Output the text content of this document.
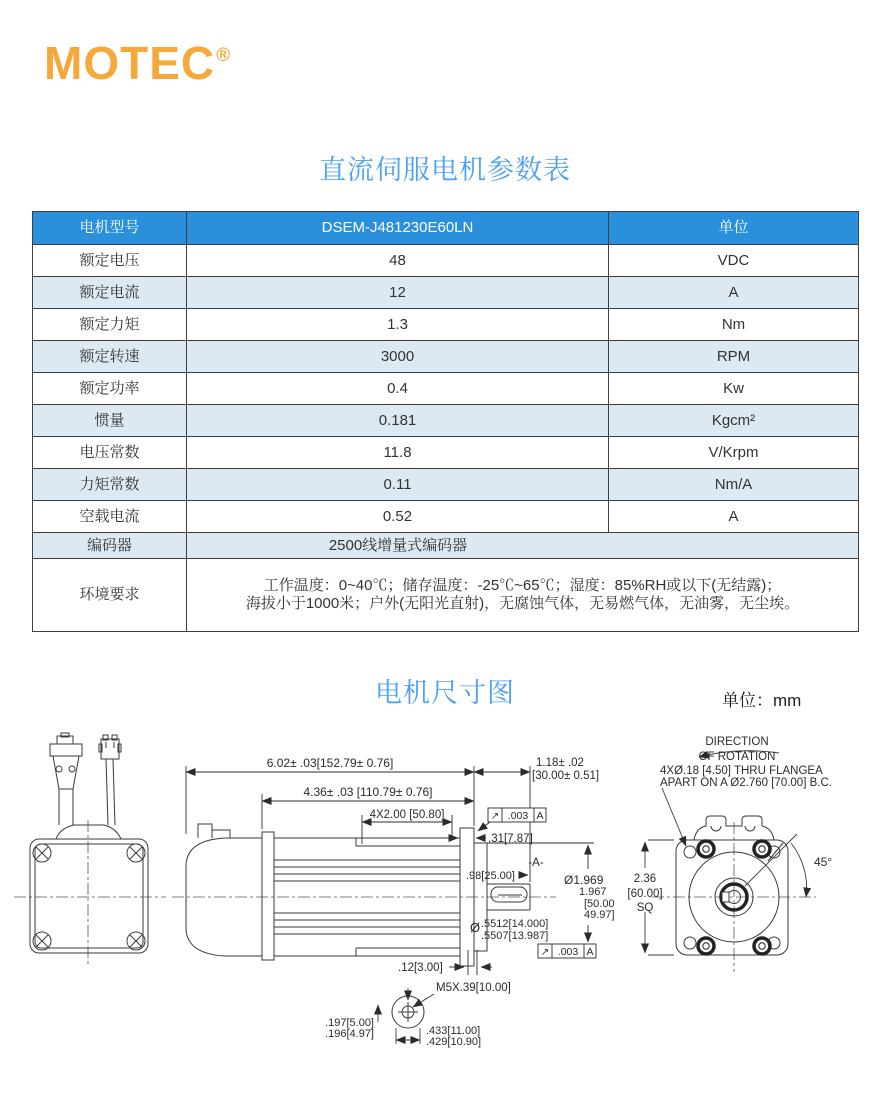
MOTEC®
直流伺服电机参数表
电机型号	DSEM-J481230E60LN	单位
额定电压	48	VDC
额定电流	12	A
额定力矩	1.3	Nm
额定转速	3000	RPM
额定功率	0.4	Kw
惯量	0.181	Kgcm²
电压常数	11.8	V/Krpm
力矩常数	0.11	Nm/A
空载电流	0.52	A
编码器	2500线增量式编码器	

环境要求	工作温度：0~40℃；储存温度：-25℃~65℃；湿度：85%RH或以下(无结露)；
海拔小于1000米；户外(无阳光直射)，无腐蚀气体，无易燃气体，无油雾，无尘埃。	
电机尺寸图	单位：mm
6.02± .03[152.79± 0.76]
4.36± .03 [110.79± 0.76]
4X2.00 [50.80]
1.18± .02
[30.00± 0.51]
↗ .003 A
.31[7.87]
-A-
.98[25.00]	Ø1.969
1.967
[50.00
49.97]
Ø .5512[14.000]
.5507[13.987]
↗ .003 A
.12[3.00]
M5X.39[10.00]
.197[5.00]
.196[4.97]	.433[11.00]
.429[10.90]
2.36
[60.00]
SQ
45°
DIRECTION
OF ROTATION
4XØ.18 [4.50] THRU FLANGEA
APART ON A Ø2.760 [70.00] B.C.
